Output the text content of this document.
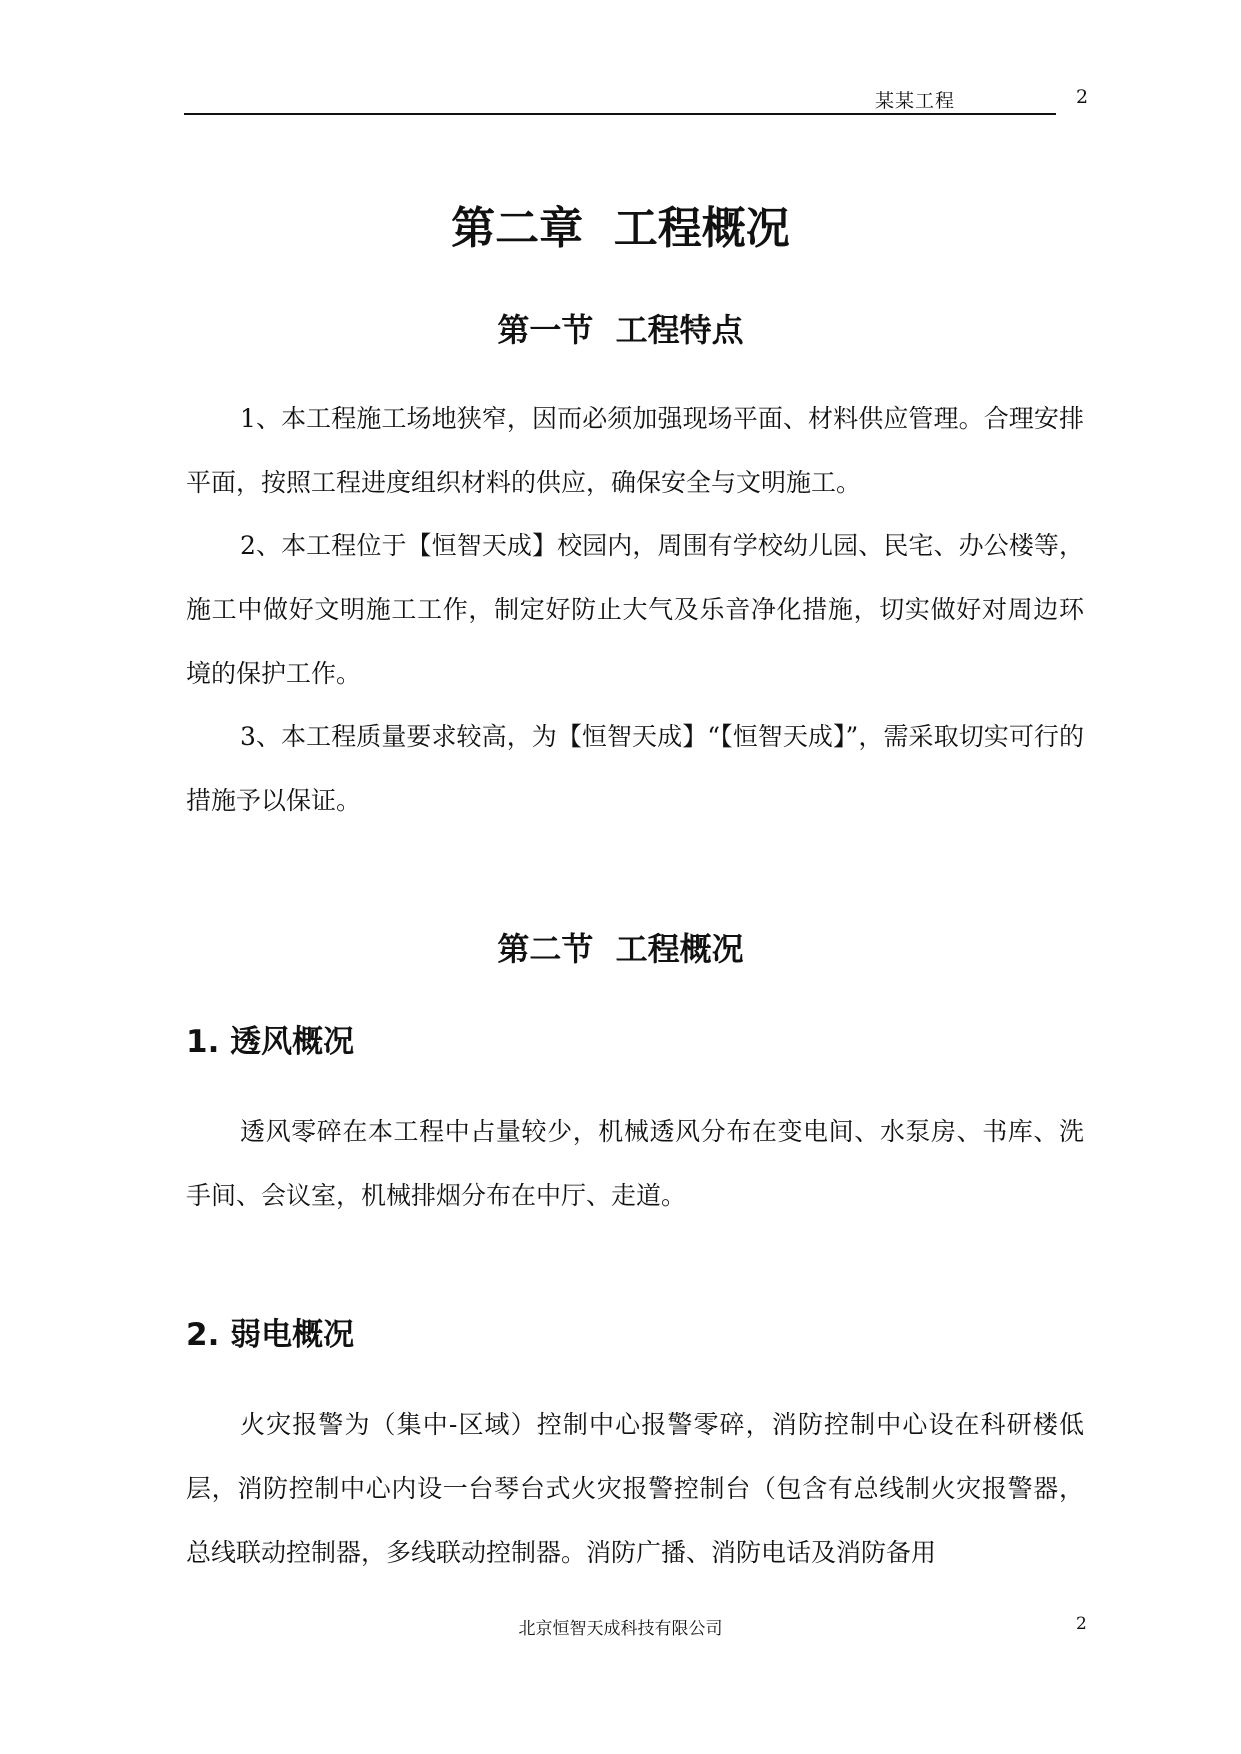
某某工程	2
第二章  工程概况
第一节  工程特点

1、本工程施工场地狭窄，因而必须加强现场平面、材料供应管理。合理安排平面，按照工程进度组织材料的供应，确保安全与文明施工。

2、本工程位于【恒智天成】校园内，周围有学校幼儿园、民宅、办公楼等，施工中做好文明施工工作，制定好防止大气及乐音净化措施，切实做好对周边环境的保护工作。

3、本工程质量要求较高，为【恒智天成】“【恒智天成】”，需采取切实可行的措施予以保证。

第二节  工程概况
1. 透风概况

透风零碎在本工程中占量较少，机械透风分布在变电间、水泵房、书库、洗手间、会议室，机械排烟分布在中厅、走道。

2. 弱电概况

火灾报警为（集中-区域）控制中心报警零碎，消防控制中心设在科研楼低层，消防控制中心内设一台琴台式火灾报警控制台（包含有总线制火灾报警器，总线联动控制器，多线联动控制器。消防广播、消防电话及消防备用

北京恒智天成科技有限公司	2
